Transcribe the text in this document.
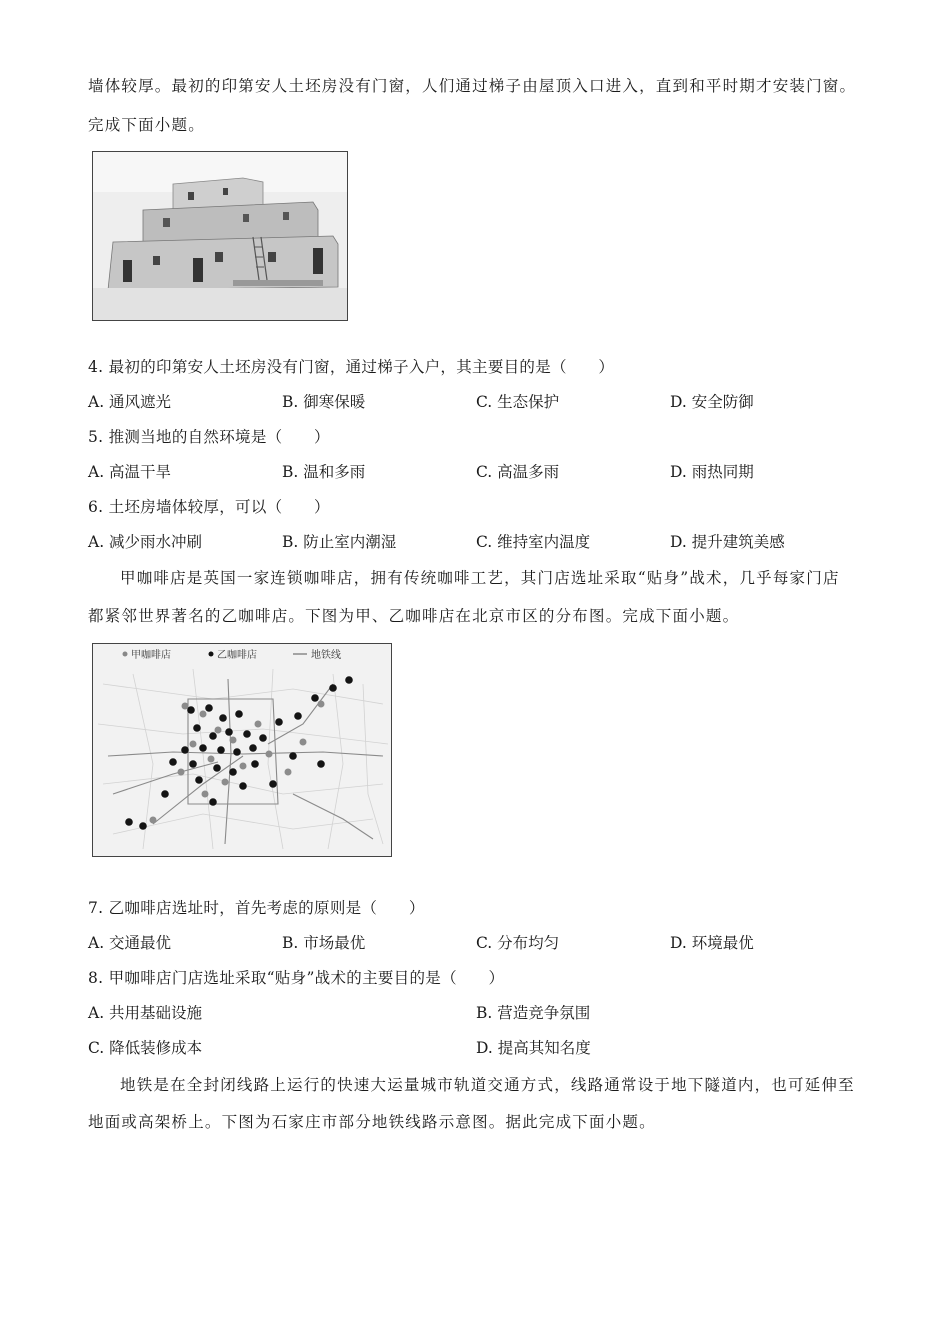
墙体较厚。最初的印第安人土坯房没有门窗，人们通过梯子由屋顶入口进入，直到和平时期才安装门窗。
完成下面小题。
4. 最初的印第安人土坯房没有门窗，通过梯子入户，其主要目的是（　　）
A. 通风遮光	B. 御寒保暖	C. 生态保护	D. 安全防御
5. 推测当地的自然环境是（　　）
A. 高温干旱	B. 温和多雨	C. 高温多雨	D. 雨热同期
6. 土坯房墙体较厚，可以（　　）
A. 减少雨水冲刷	B. 防止室内潮湿	C. 维持室内温度	D. 提升建筑美感
甲咖啡店是英国一家连锁咖啡店，拥有传统咖啡工艺，其门店选址采取“贴身”战术，几乎每家门店
都紧邻世界著名的乙咖啡店。下图为甲、乙咖啡店在北京市区的分布图。完成下面小题。
甲咖啡店	乙咖啡店	地铁线
7. 乙咖啡店选址时，首先考虑的原则是（　　）
A. 交通最优	B. 市场最优	C. 分布均匀	D. 环境最优
8. 甲咖啡店门店选址采取“贴身”战术的主要目的是（　　）
A. 共用基础设施	B. 营造竞争氛围
C. 降低装修成本	D. 提高其知名度
地铁是在全封闭线路上运行的快速大运量城市轨道交通方式，线路通常设于地下隧道内，也可延伸至
地面或高架桥上。下图为石家庄市部分地铁线路示意图。据此完成下面小题。
